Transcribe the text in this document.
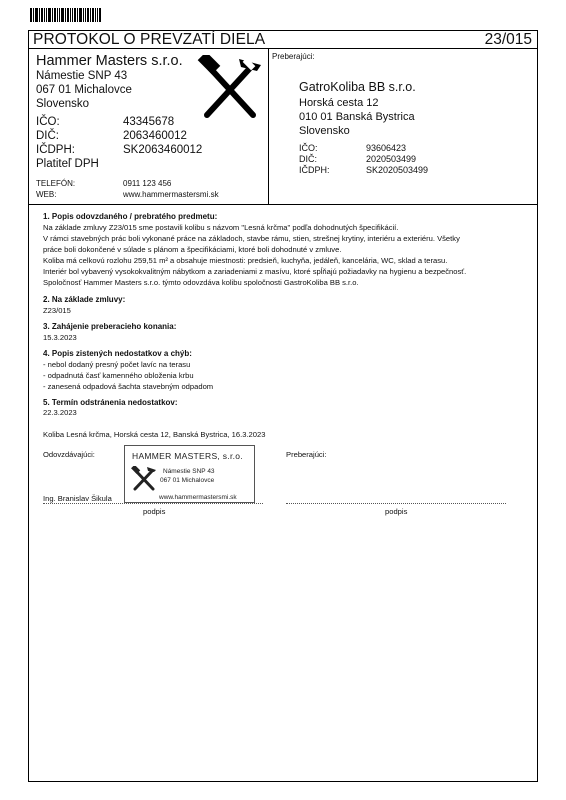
PROTOKOL O PREVZATÍ DIELA	23/015
Hammer Masters s.r.o.
Námestie SNP 43
067 01 Michalovce
Slovensko
IČO:	43345678
DIČ:	2063460012
IČDPH:	SK2063460012
Platiteľ DPH
TELEFÓN:	0911 123 456
WEB:	www.hammermastersmi.sk
Preberajúci:
GatroKoliba BB s.r.o.
Horská cesta 12
010 01 Banská Bystrica
Slovensko
IČO:	93606423
DIČ:	2020503499
IČDPH:	SK2020503499
1. Popis odovzdaného / prebratého predmetu:
Na základe zmluvy Z23/015 sme postavili kolibu s názvom "Lesná krčma" podľa dohodnutých špecifikácií.
V rámci stavebných prác boli vykonané práce na základoch, stavbe rámu, stien, strešnej krytiny, interiéru a exteriéru. Všetky
práce boli dokončené v súlade s plánom a špecifikáciami, ktoré boli dohodnuté v zmluve.
Koliba má celkovú rozlohu 259,51 m² a obsahuje miestnosti: predsieň, kuchyňa, jedáleň, kancelária, WC, sklad a terasu.
Interiér bol vybavený vysokokvalitným nábytkom a zariadeniami z masívu, ktoré spĺňajú požiadavky na hygienu a bezpečnosť.
Spoločnosť Hammer Masters s.r.o. týmto odovzdáva kolibu spoločnosti GastroKoliba BB s.r.o.
2. Na základe zmluvy:
Z23/015
3. Zahájenie preberacieho konania:
15.3.2023
4. Popis zistených nedostatkov a chýb:
- nebol dodaný presný počet lavíc na terasu
- odpadnutá časť kamenného obloženia krbu
- zanesená odpadová šachta stavebným odpadom
5. Termín odstránenia nedostatkov:
22.3.2023
Koliba Lesná krčma, Horská cesta 12, Banská Bystrica, 16.3.2023
Odovzdávajúci:	Preberajúci:
HAMMER MASTERS, s.r.o.
Námestie SNP 43
067 01 Michalovce
www.hammermastersmi.sk
Ing. Branislav Šikula
podpis	podpis
